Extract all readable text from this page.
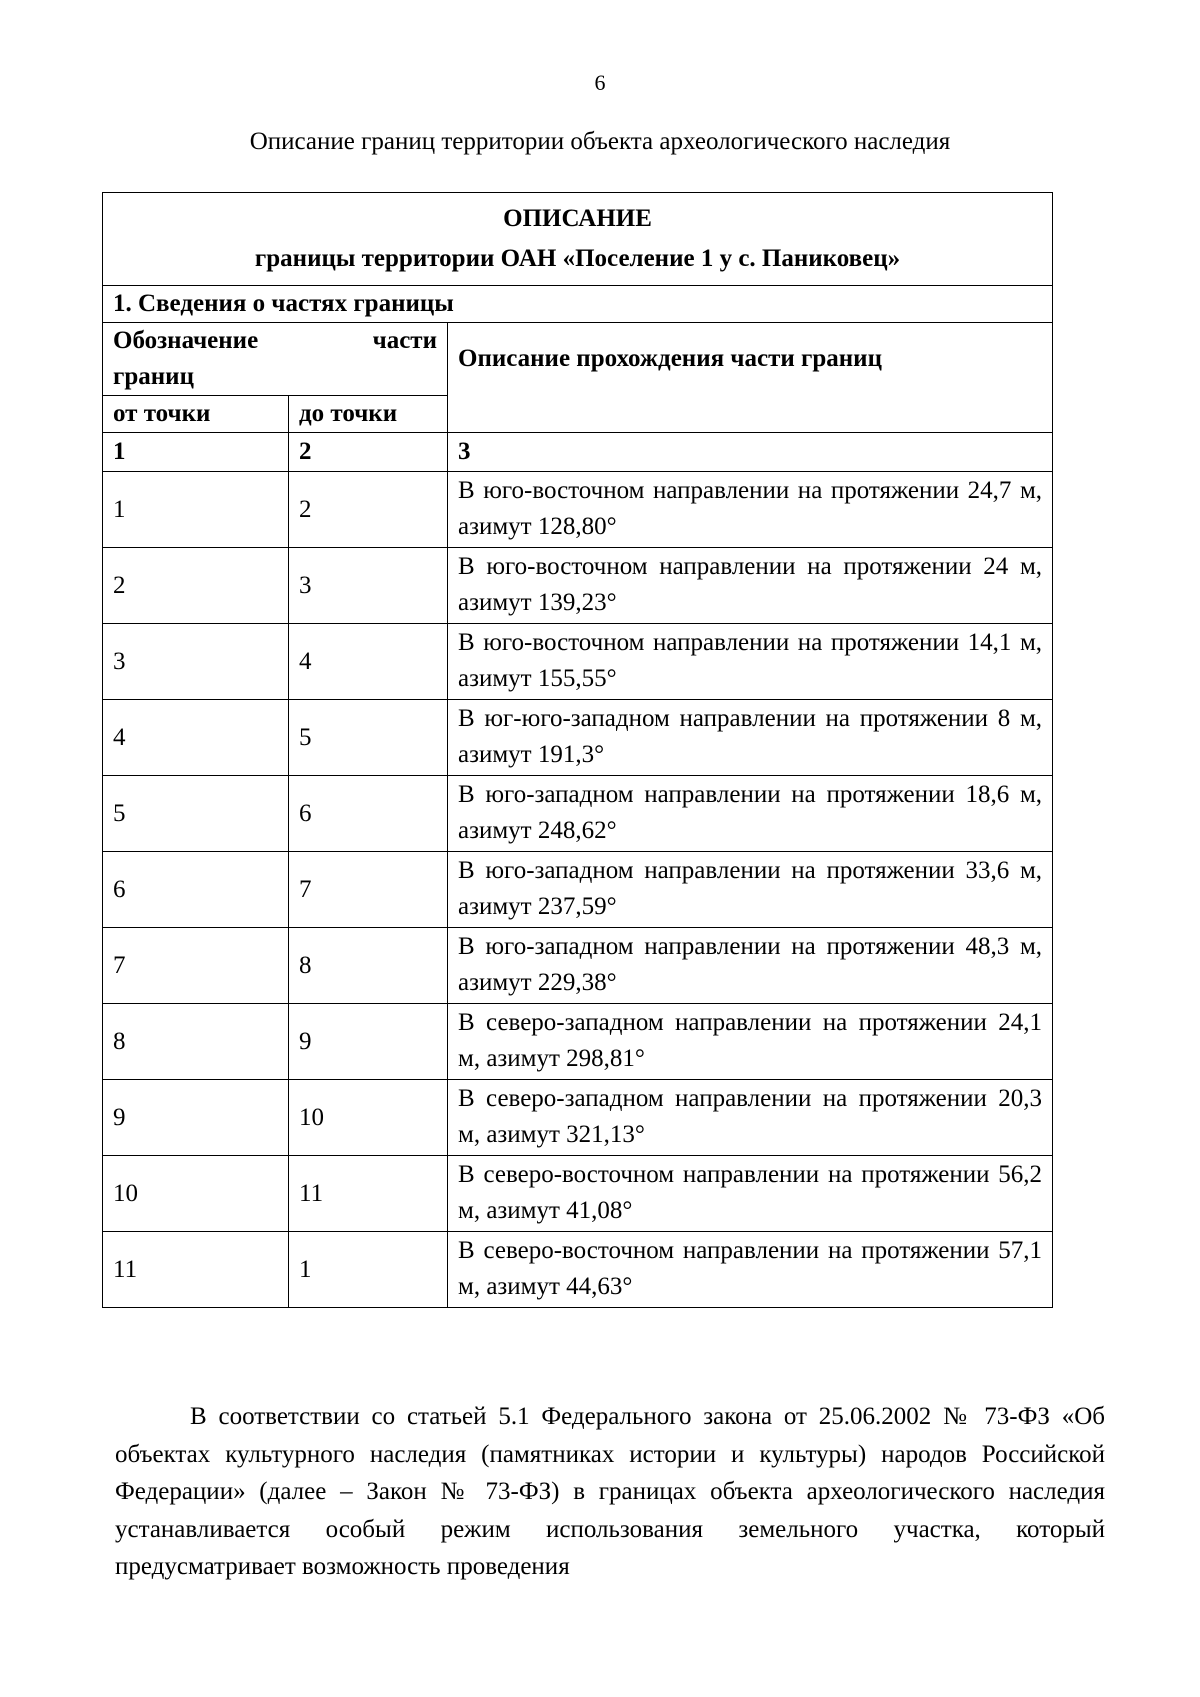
6
Описание границ территории объекта археологического наследия
ОПИСАНИЕ
границы территории ОАН «Поселение 1 у с. Паниковец»		

1. Сведения о частях границы		

Обозначение части
границ		Описание прохождения части границ
от точки	до точки	
1	2	3
1	2	В юго-восточном направлении на протяжении 24,7 м, азимут 128,80°
2	3	В юго-восточном направлении на протяжении 24 м, азимут 139,23°
3	4	В юго-восточном направлении на протяжении 14,1 м, азимут 155,55°
4	5	В юг-юго-западном направлении на протяжении 8 м, азимут 191,3°
5	6	В юго-западном направлении на протяжении 18,6 м, азимут 248,62°
6	7	В юго-западном направлении на протяжении 33,6 м, азимут 237,59°
7	8	В юго-западном направлении на протяжении 48,3 м, азимут 229,38°
8	9	В северо-западном направлении на протяжении 24,1 м, азимут 298,81°
9	10	В северо-западном направлении на протяжении 20,3 м, азимут 321,13°
10	11	В северо-восточном направлении на протяжении 56,2 м, азимут 41,08°
11	1	В северо-восточном направлении на протяжении 57,1 м, азимут 44,63°
В соответствии со статьей 5.1 Федерального закона от 25.06.2002 № 73-ФЗ «Об объектах культурного наследия (памятниках истории и культуры) народов Российской Федерации» (далее – Закон № 73-ФЗ) в границах объекта археологического наследия устанавливается особый режим использования земельного участка, который предусматривает возможность проведения
